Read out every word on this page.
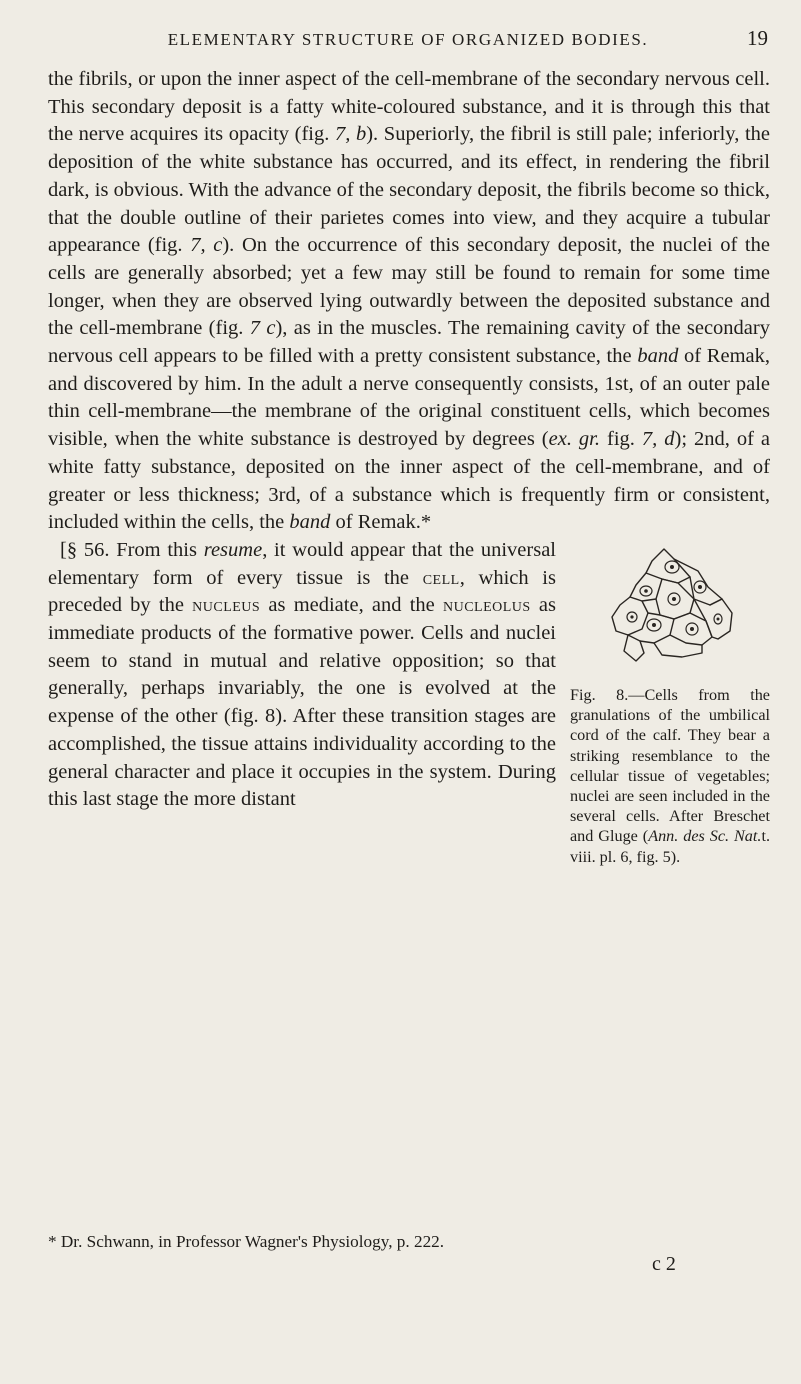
ELEMENTARY STRUCTURE OF ORGANIZED BODIES.	19

the fibrils, or upon the inner aspect of the cell-membrane of the secondary nervous cell. This secondary deposit is a fatty white-coloured substance, and it is through this that the nerve acquires its opacity (fig. 7, b). Superiorly, the fibril is still pale; inferiorly, the deposition of the white substance has occurred, and its effect, in rendering the fibril dark, is obvious. With the advance of the secondary deposit, the fibrils become so thick, that the double outline of their parietes comes into view, and they acquire a tubular appearance (fig. 7, c). On the occurrence of this secondary deposit, the nuclei of the cells are generally absorbed; yet a few may still be found to remain for some time longer, when they are observed lying outwardly between the deposited substance and the cell-membrane (fig. 7 c), as in the muscles. The remaining cavity of the secondary nervous cell appears to be filled with a pretty consistent substance, the band of Remak, and discovered by him. In the adult a nerve consequently consists, 1st, of an outer pale thin cell-membrane—the membrane of the original constituent cells, which becomes visible, when the white substance is destroyed by degrees (ex. gr. fig. 7, d); 2nd, of a white fatty substance, deposited on the inner aspect of the cell-membrane, and of greater or less thickness; 3rd, of a substance which is frequently firm or consistent, included within the cells, the band of Remak.*

Fig. 8.—Cells from the granulations of the umbilical cord of the calf. They bear a striking resemblance to the cellular tissue of vegetables; nuclei are seen included in the several cells. After Breschet and Gluge (Ann. des Sc. Nat.t. viii. pl. 6, fig. 5).

[§ 56. From this resume, it would appear that the universal elementary form of every tissue is the cell, which is preceded by the nucleus as mediate, and the nucleolus as immediate products of the formative power. Cells and nuclei seem to stand in mutual and relative opposition; so that generally, perhaps invariably, the one is evolved at the expense of the other (fig. 8). After these transition stages are accomplished, the tissue attains individuality according to the general character and place it occupies in the system. During this last stage the more distant

* Dr. Schwann, in Professor Wagner's Physiology, p. 222.
c 2
